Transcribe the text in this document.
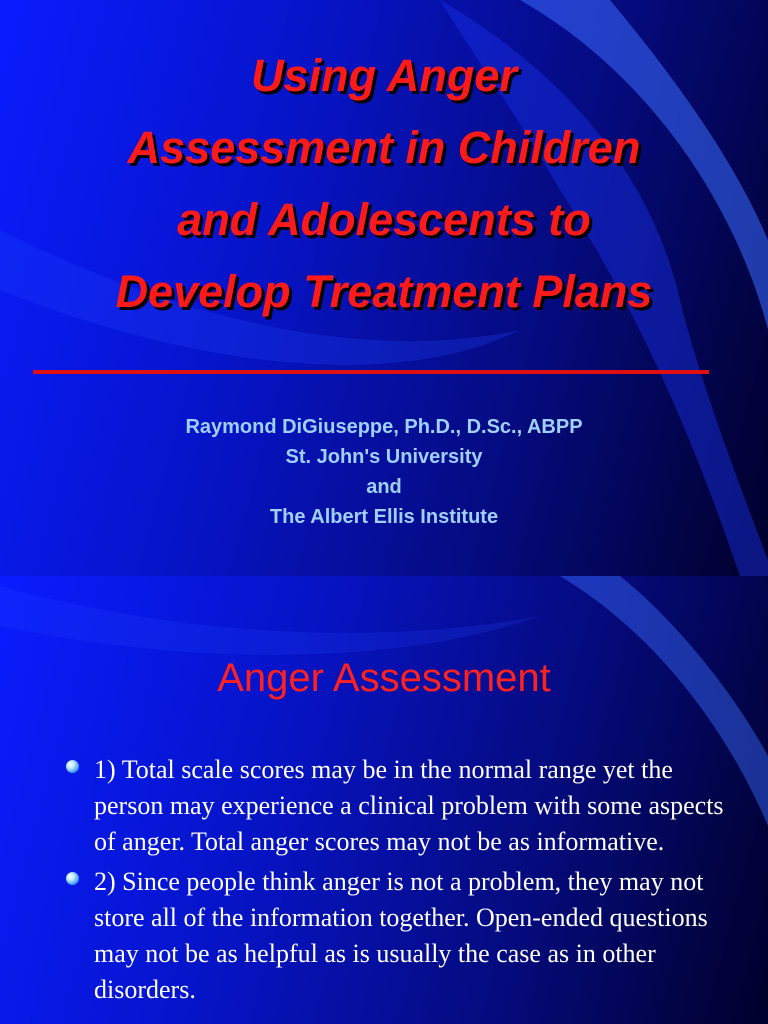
Using Anger
Assessment in Children
and Adolescents to
Develop Treatment Plans
Raymond DiGiuseppe, Ph.D., D.Sc., ABPP
St. John's University
and
The Albert Ellis Institute
Anger Assessment
1) Total scale scores may be in the normal range yet the person may experience a clinical problem with some aspects of anger. Total anger scores may not be as informative.
2) Since people think anger is not a problem, they may not store all of the information together. Open-ended questions may not be as helpful as is usually the case as in other disorders.
